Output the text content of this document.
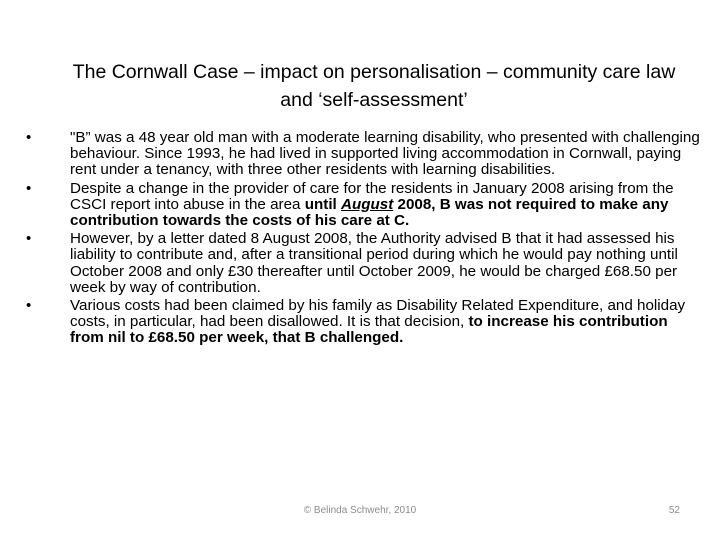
The Cornwall Case – impact on personalisation – community care law and ‘self-assessment’
•	"B” was a 48 year old man with a moderate learning disability, who presented with challenging behaviour. Since 1993, he had lived in supported living accommodation in Cornwall, paying rent under a tenancy, with three other residents with learning disabilities.
•	Despite a change in the provider of care for the residents in January 2008 arising from the CSCI report into abuse in the area until August 2008, B was not required to make any contribution towards the costs of his care at C.
•	However, by a letter dated 8 August 2008, the Authority advised B that it had assessed his liability to contribute and, after a transitional period during which he would pay nothing until October 2008 and only £30 thereafter until October 2009, he would be charged £68.50 per week by way of contribution.
•	Various costs had been claimed by his family as Disability Related Expenditure, and holiday costs, in particular, had been disallowed. It is that decision, to increase his contribution from nil to £68.50 per week, that B challenged.
© Belinda Schwehr, 2010	52
